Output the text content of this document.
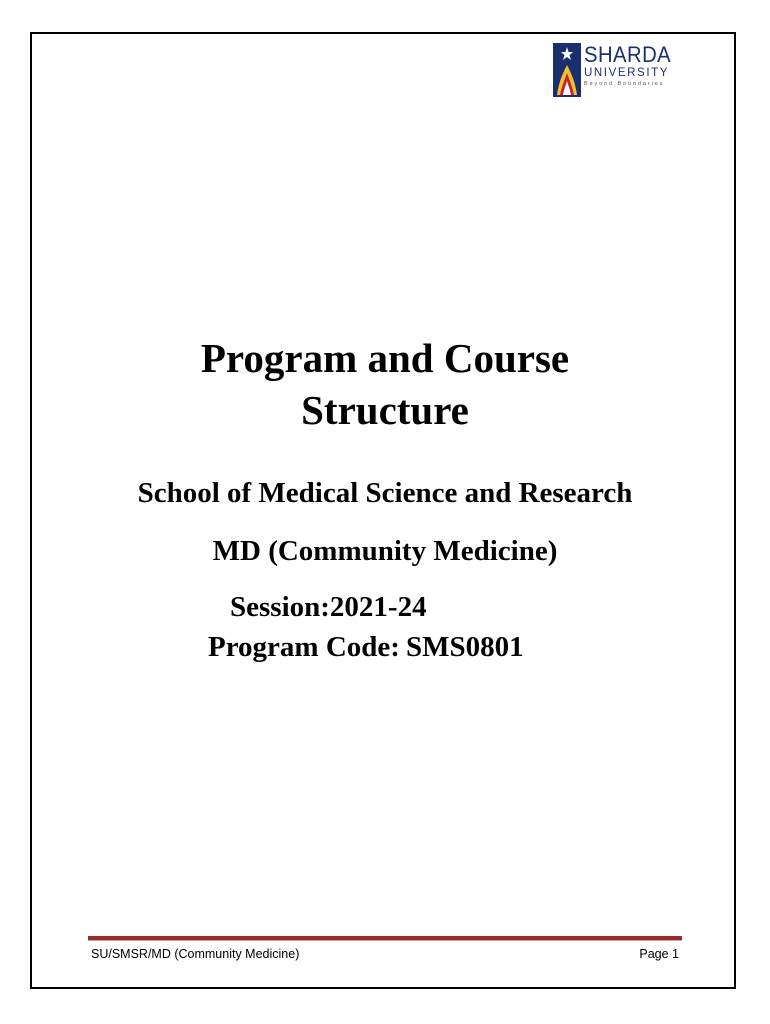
SHARDA
UNIVERSITY
Beyond Boundaries
Program and Course
Structure
School of Medical Science and Research
MD (Community Medicine)
Session:2021-24
Program Code: SMS0801
SU/SMSR/MD (Community Medicine)	Page 1
